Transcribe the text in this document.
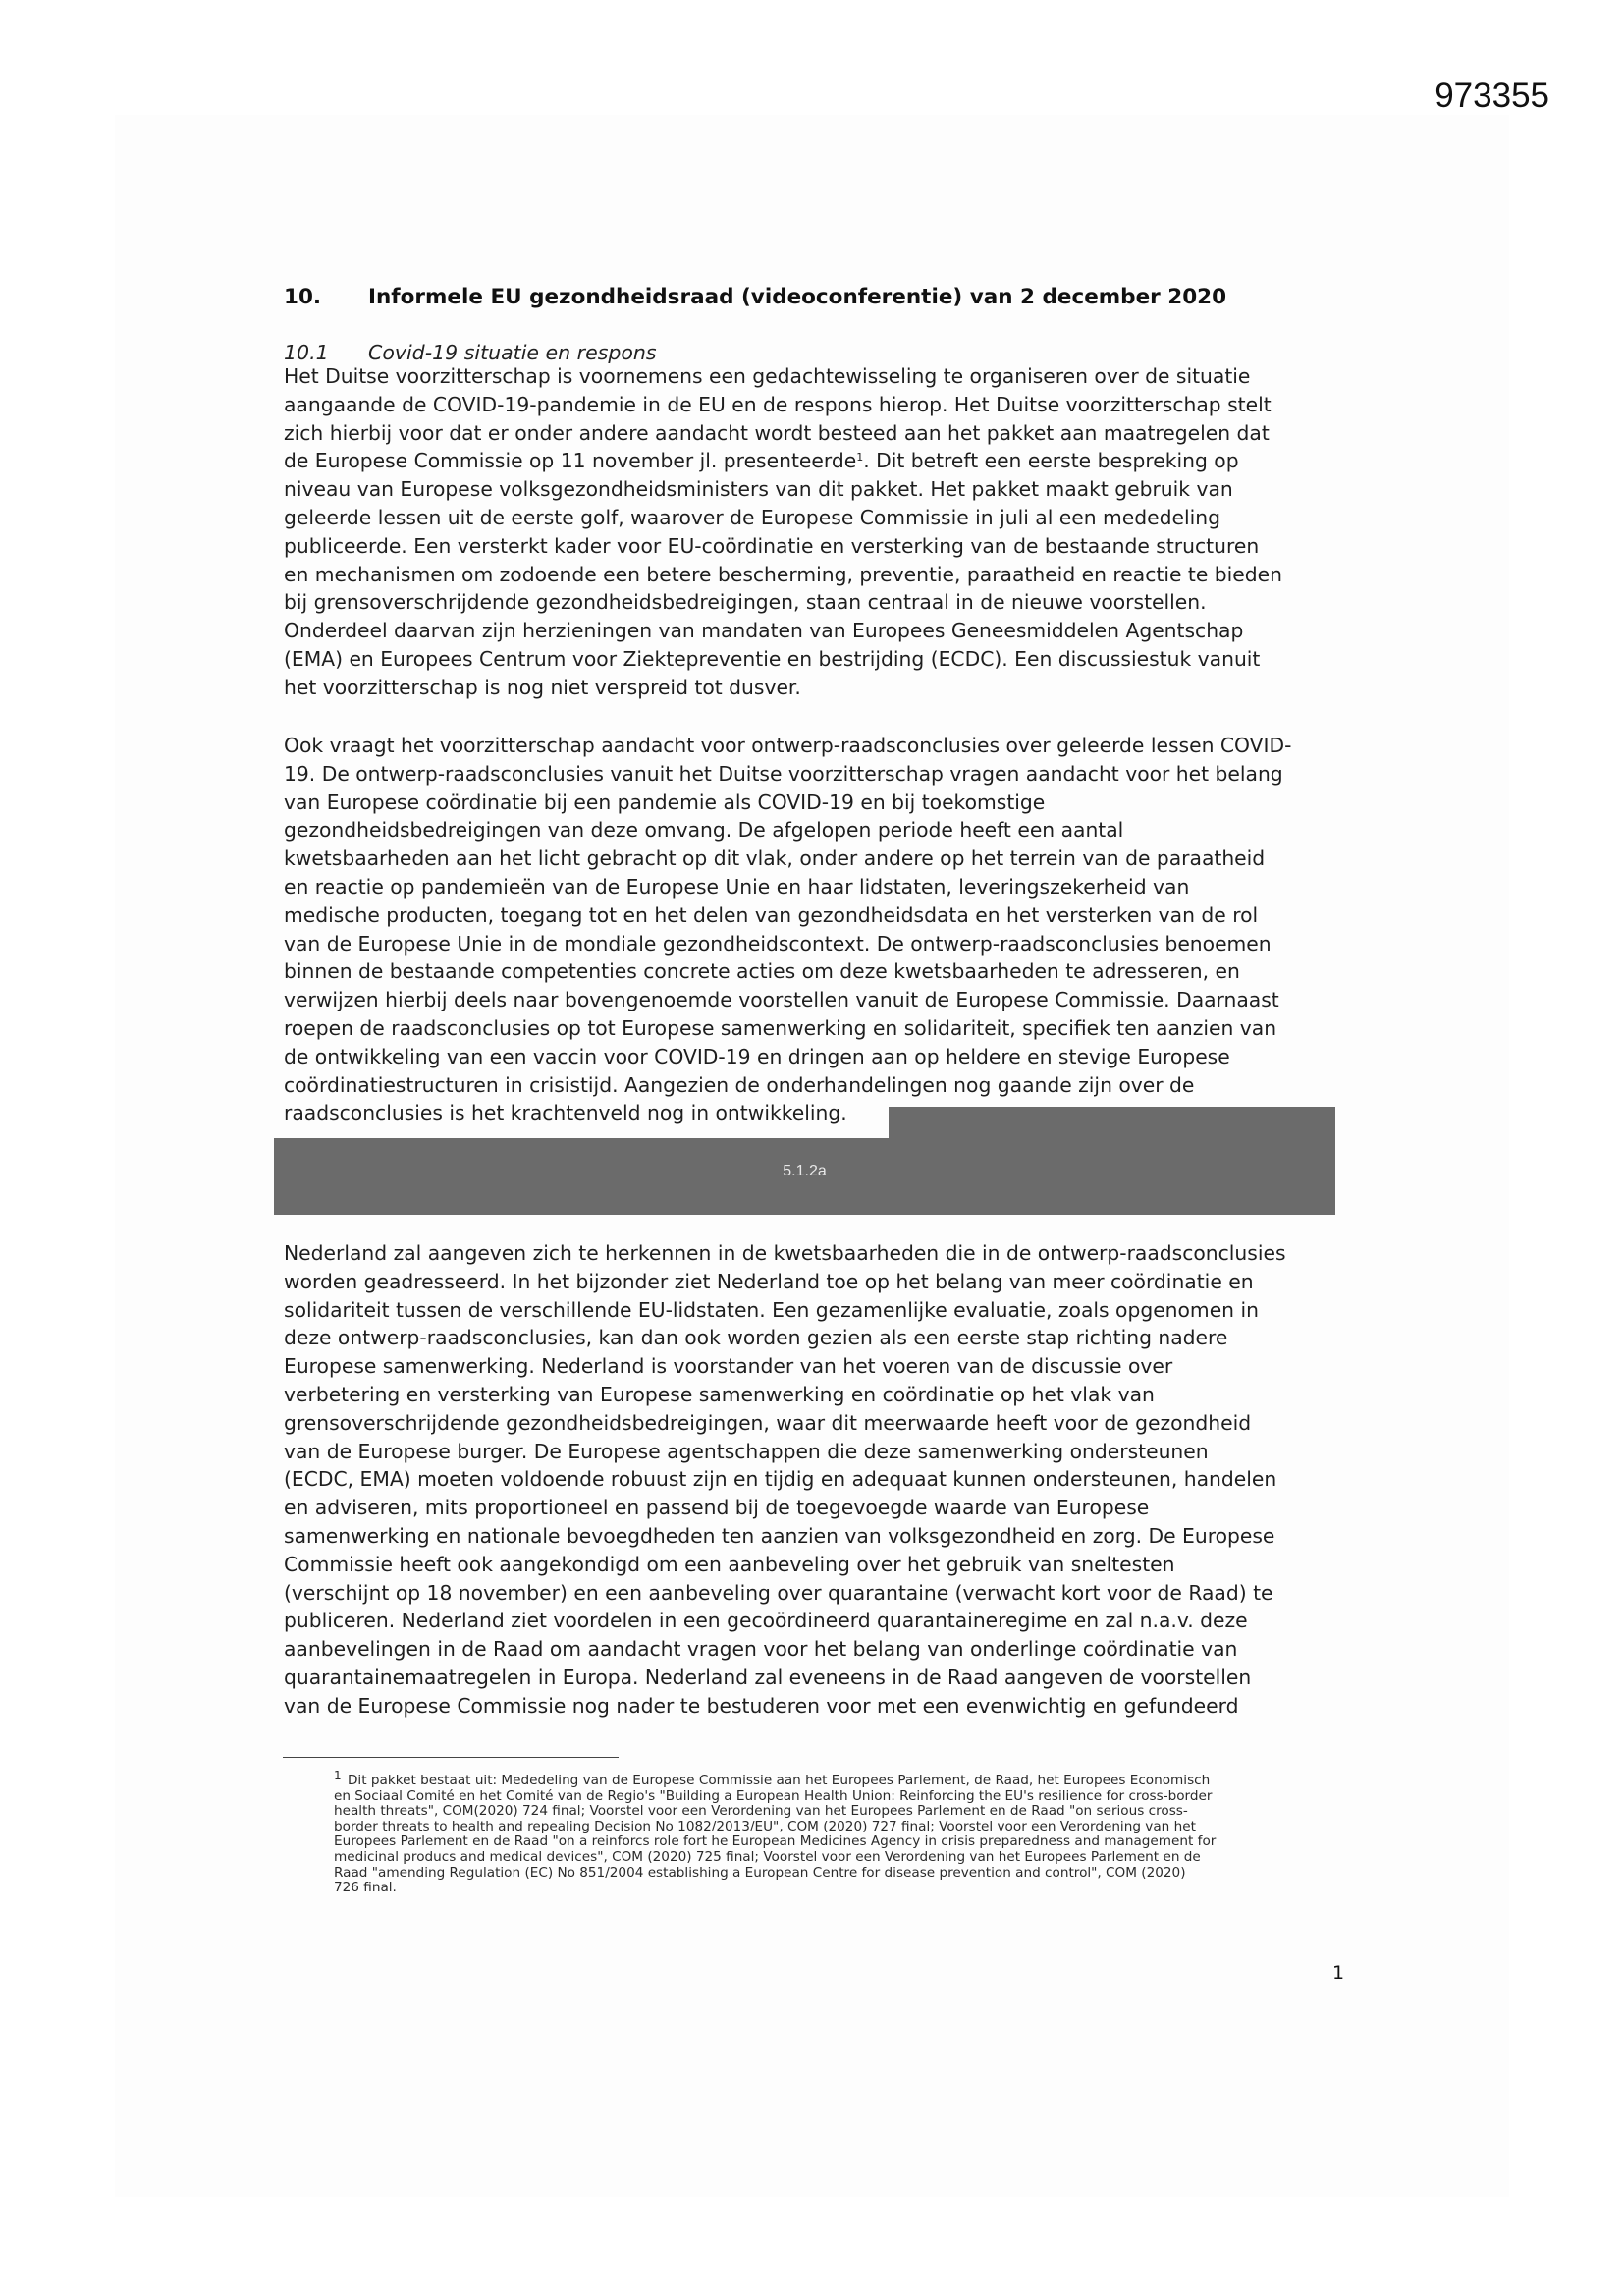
973355
10. Informele EU gezondheidsraad (videoconferentie) van 2 december 2020
10.1 Covid-19 situatie en respons
Het Duitse voorzitterschap is voornemens een gedachtewisseling te organiseren over de situatie
aangaande de COVID-19-pandemie in de EU en de respons hierop. Het Duitse voorzitterschap stelt
zich hierbij voor dat er onder andere aandacht wordt besteed aan het pakket aan maatregelen dat
de Europese Commissie op 11 november jl. presenteerde$^1$. Dit betreft een eerste bespreking op
niveau van Europese volksgezondheidsministers van dit pakket. Het pakket maakt gebruik van
geleerde lessen uit de eerste golf, waarover de Europese Commissie in juli al een mededeling
publiceerde. Een versterkt kader voor EU-coördinatie en versterking van de bestaande structuren
en mechanismen om zodoende een betere bescherming, preventie, paraatheid en reactie te bieden
bij grensoverschrijdende gezondheidsbedreigingen, staan centraal in de nieuwe voorstellen.
Onderdeel daarvan zijn herzieningen van mandaten van Europees Geneesmiddelen Agentschap
(EMA) en Europees Centrum voor Ziektepreventie en bestrijding (ECDC). Een discussiestuk vanuit
het voorzitterschap is nog niet verspreid tot dusver.
Ook vraagt het voorzitterschap aandacht voor ontwerp-raadsconclusies over geleerde lessen COVID-
19. De ontwerp-raadsconclusies vanuit het Duitse voorzitterschap vragen aandacht voor het belang
van Europese coördinatie bij een pandemie als COVID-19 en bij toekomstige
gezondheidsbedreigingen van deze omvang. De afgelopen periode heeft een aantal
kwetsbaarheden aan het licht gebracht op dit vlak, onder andere op het terrein van de paraatheid
en reactie op pandemieën van de Europese Unie en haar lidstaten, leveringszekerheid van
medische producten, toegang tot en het delen van gezondheidsdata en het versterken van de rol
van de Europese Unie in de mondiale gezondheidscontext. De ontwerp-raadsconclusies benoemen
binnen de bestaande competenties concrete acties om deze kwetsbaarheden te adresseren, en
verwijzen hierbij deels naar bovengenoemde voorstellen vanuit de Europese Commissie. Daarnaast
roepen de raadsconclusies op tot Europese samenwerking en solidariteit, specifiek ten aanzien van
de ontwikkeling van een vaccin voor COVID-19 en dringen aan op heldere en stevige Europese
coördinatiestructuren in crisistijd. Aangezien de onderhandelingen nog gaande zijn over de
raadsconclusies is het krachtenveld nog in ontwikkeling.
5.1.2a
Nederland zal aangeven zich te herkennen in de kwetsbaarheden die in de ontwerp-raadsconclusies
worden geadresseerd. In het bijzonder ziet Nederland toe op het belang van meer coördinatie en
solidariteit tussen de verschillende EU-lidstaten. Een gezamenlijke evaluatie, zoals opgenomen in
deze ontwerp-raadsconclusies, kan dan ook worden gezien als een eerste stap richting nadere
Europese samenwerking. Nederland is voorstander van het voeren van de discussie over
verbetering en versterking van Europese samenwerking en coördinatie op het vlak van
grensoverschrijdende gezondheidsbedreigingen, waar dit meerwaarde heeft voor de gezondheid
van de Europese burger. De Europese agentschappen die deze samenwerking ondersteunen
(ECDC, EMA) moeten voldoende robuust zijn en tijdig en adequaat kunnen ondersteunen, handelen
en adviseren, mits proportioneel en passend bij de toegevoegde waarde van Europese
samenwerking en nationale bevoegdheden ten aanzien van volksgezondheid en zorg. De Europese
Commissie heeft ook aangekondigd om een aanbeveling over het gebruik van sneltesten
(verschijnt op 18 november) en een aanbeveling over quarantaine (verwacht kort voor de Raad) te
publiceren. Nederland ziet voordelen in een gecoördineerd quarantaineregime en zal n.a.v. deze
aanbevelingen in de Raad om aandacht vragen voor het belang van onderlinge coördinatie van
quarantainemaatregelen in Europa. Nederland zal eveneens in de Raad aangeven de voorstellen
van de Europese Commissie nog nader te bestuderen voor met een evenwichtig en gefundeerd
$^1$ Dit pakket bestaat uit: Mededeling van de Europese Commissie aan het Europees Parlement, de Raad, het Europees Economisch
en Sociaal Comité en het Comité van de Regio's "Building a European Health Union: Reinforcing the EU's resilience for cross-border
health threats", COM(2020) 724 final; Voorstel voor een Verordening van het Europees Parlement en de Raad "on serious cross-
border threats to health and repealing Decision No 1082/2013/EU", COM (2020) 727 final; Voorstel voor een Verordening van het
Europees Parlement en de Raad "on a reinforcs role fort he European Medicines Agency in crisis preparedness and management for
medicinal producs and medical devices", COM (2020) 725 final; Voorstel voor een Verordening van het Europees Parlement en de
Raad "amending Regulation (EC) No 851/2004 establishing a European Centre for disease prevention and control", COM (2020)
726 final.
1
